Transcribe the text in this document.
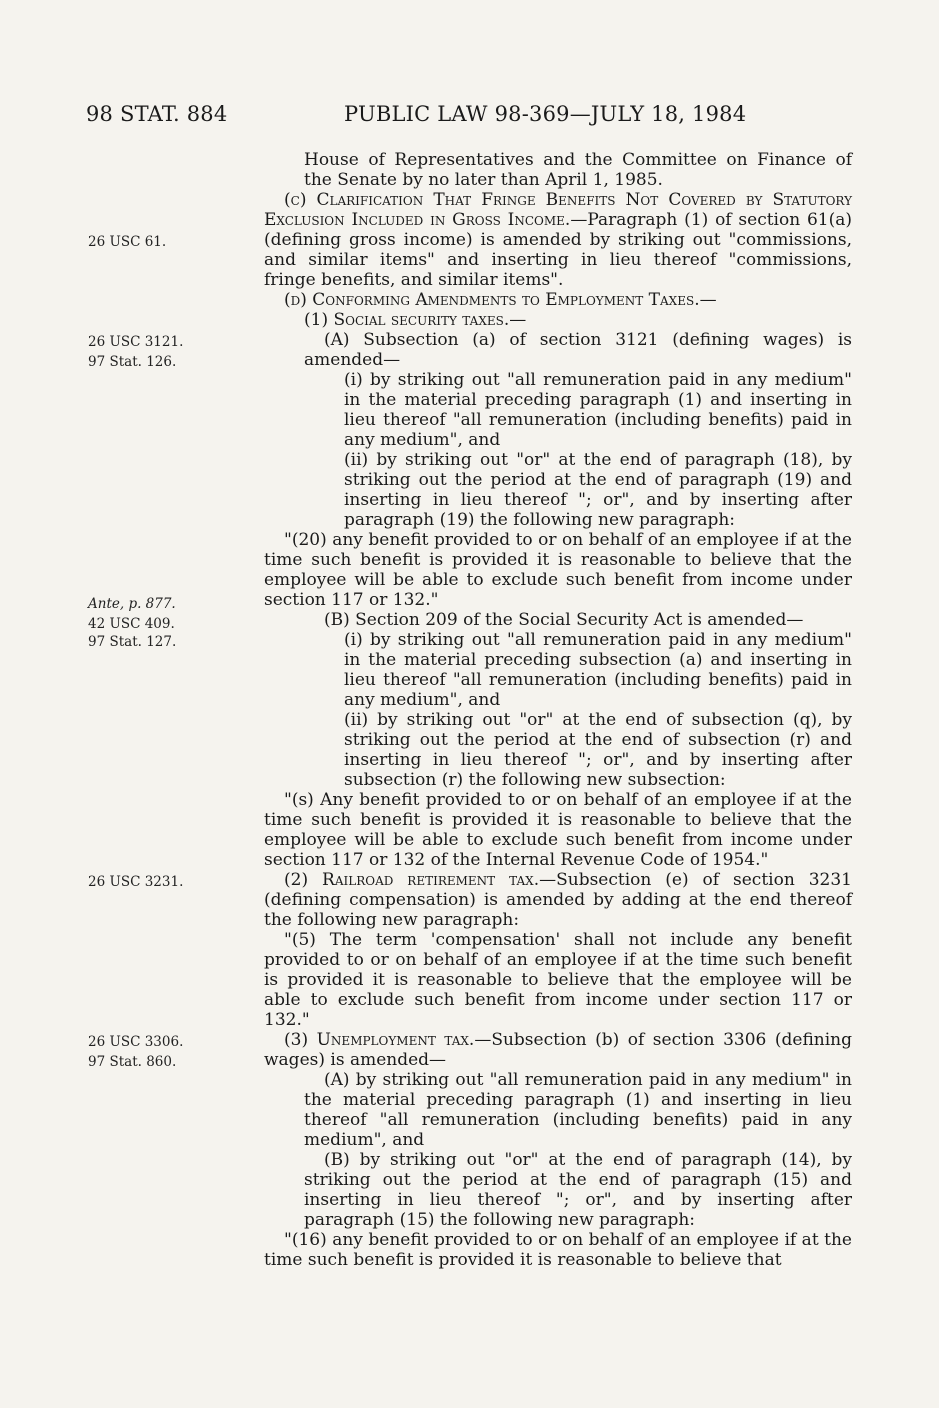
98 STAT. 884	PUBLIC LAW 98-369—JULY 18, 1984
26 USC 61.
26 USC 3121.
97 Stat. 126.
Ante, p. 877.
42 USC 409.
97 Stat. 127.
26 USC 3231.
26 USC 3306.
97 Stat. 860.

House of Representatives and the Committee on Finance of the Senate by no later than April 1, 1985.

(c) Clarification That Fringe Benefits Not Covered by Statutory Exclusion Included in Gross Income.—Paragraph (1) of section 61(a) (defining gross income) is amended by striking out "commissions, and similar items" and inserting in lieu thereof "commissions, fringe benefits, and similar items".

(d) Conforming Amendments to Employment Taxes.—

(1) Social security taxes.—

(A) Subsection (a) of section 3121 (defining wages) is amended—

(i) by striking out "all remuneration paid in any medium" in the material preceding paragraph (1) and inserting in lieu thereof "all remuneration (including benefits) paid in any medium", and

(ii) by striking out "or" at the end of paragraph (18), by striking out the period at the end of paragraph (19) and inserting in lieu thereof "; or", and by inserting after paragraph (19) the following new paragraph:

"(20) any benefit provided to or on behalf of an employee if at the time such benefit is provided it is reasonable to believe that the employee will be able to exclude such benefit from income under section 117 or 132."

(B) Section 209 of the Social Security Act is amended—

(i) by striking out "all remuneration paid in any medium" in the material preceding subsection (a) and inserting in lieu thereof "all remuneration (including benefits) paid in any medium", and

(ii) by striking out "or" at the end of subsection (q), by striking out the period at the end of subsection (r) and inserting in lieu thereof "; or", and by inserting after subsection (r) the following new subsection:

"(s) Any benefit provided to or on behalf of an employee if at the time such benefit is provided it is reasonable to believe that the employee will be able to exclude such benefit from income under section 117 or 132 of the Internal Revenue Code of 1954."

(2) Railroad retirement tax.—Subsection (e) of section 3231 (defining compensation) is amended by adding at the end thereof the following new paragraph:

"(5) The term 'compensation' shall not include any benefit provided to or on behalf of an employee if at the time such benefit is provided it is reasonable to believe that the employee will be able to exclude such benefit from income under section 117 or 132."

(3) Unemployment tax.—Subsection (b) of section 3306 (defining wages) is amended—

(A) by striking out "all remuneration paid in any medium" in the material preceding paragraph (1) and inserting in lieu thereof "all remuneration (including benefits) paid in any medium", and

(B) by striking out "or" at the end of paragraph (14), by striking out the period at the end of paragraph (15) and inserting in lieu thereof "; or", and by inserting after paragraph (15) the following new paragraph:

"(16) any benefit provided to or on behalf of an employee if at the time such benefit is provided it is reasonable to believe that
